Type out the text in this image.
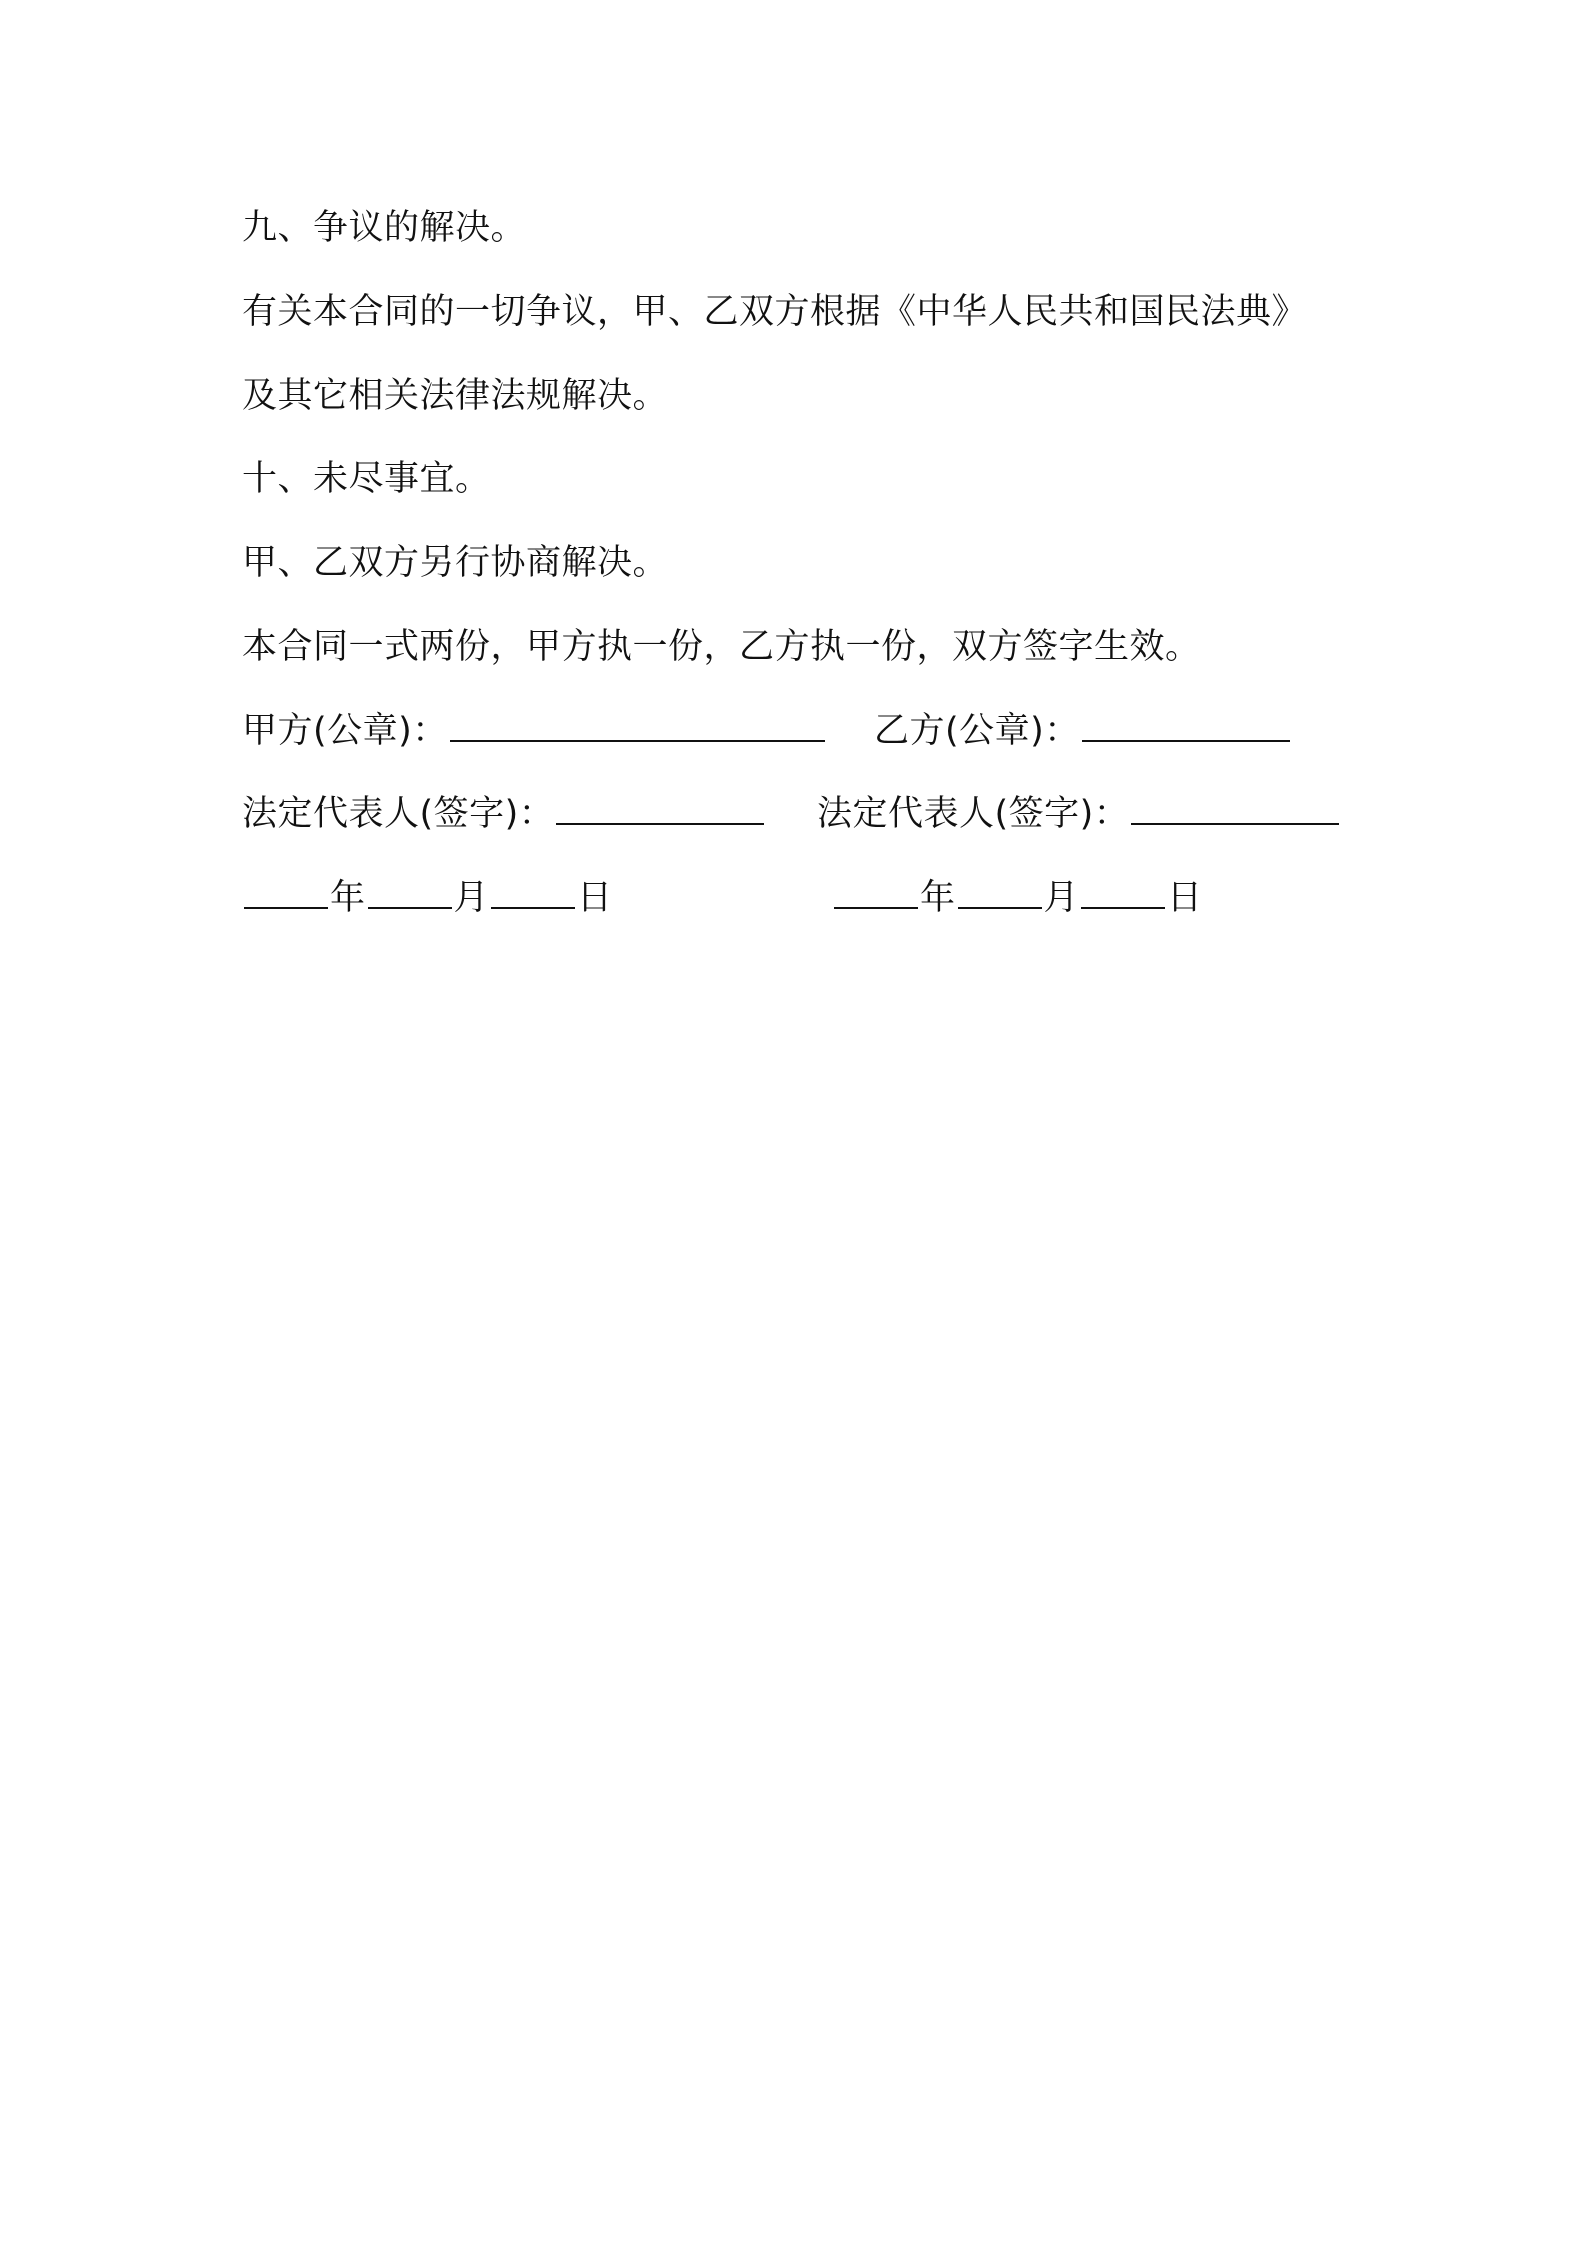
九、争议的解决。
有关本合同的一切争议，甲、乙双方根据《中华人民共和国民法典》
及其它相关法律法规解决。
十、未尽事宜。
甲、乙双方另行协商解决。
本合同一式两份，甲方执一份，乙方执一份，双方签字生效。
甲方(公章)：	乙方(公章)：
法定代表人(签字)：	法定代表人(签字)：
年	月	日	年	月	日
